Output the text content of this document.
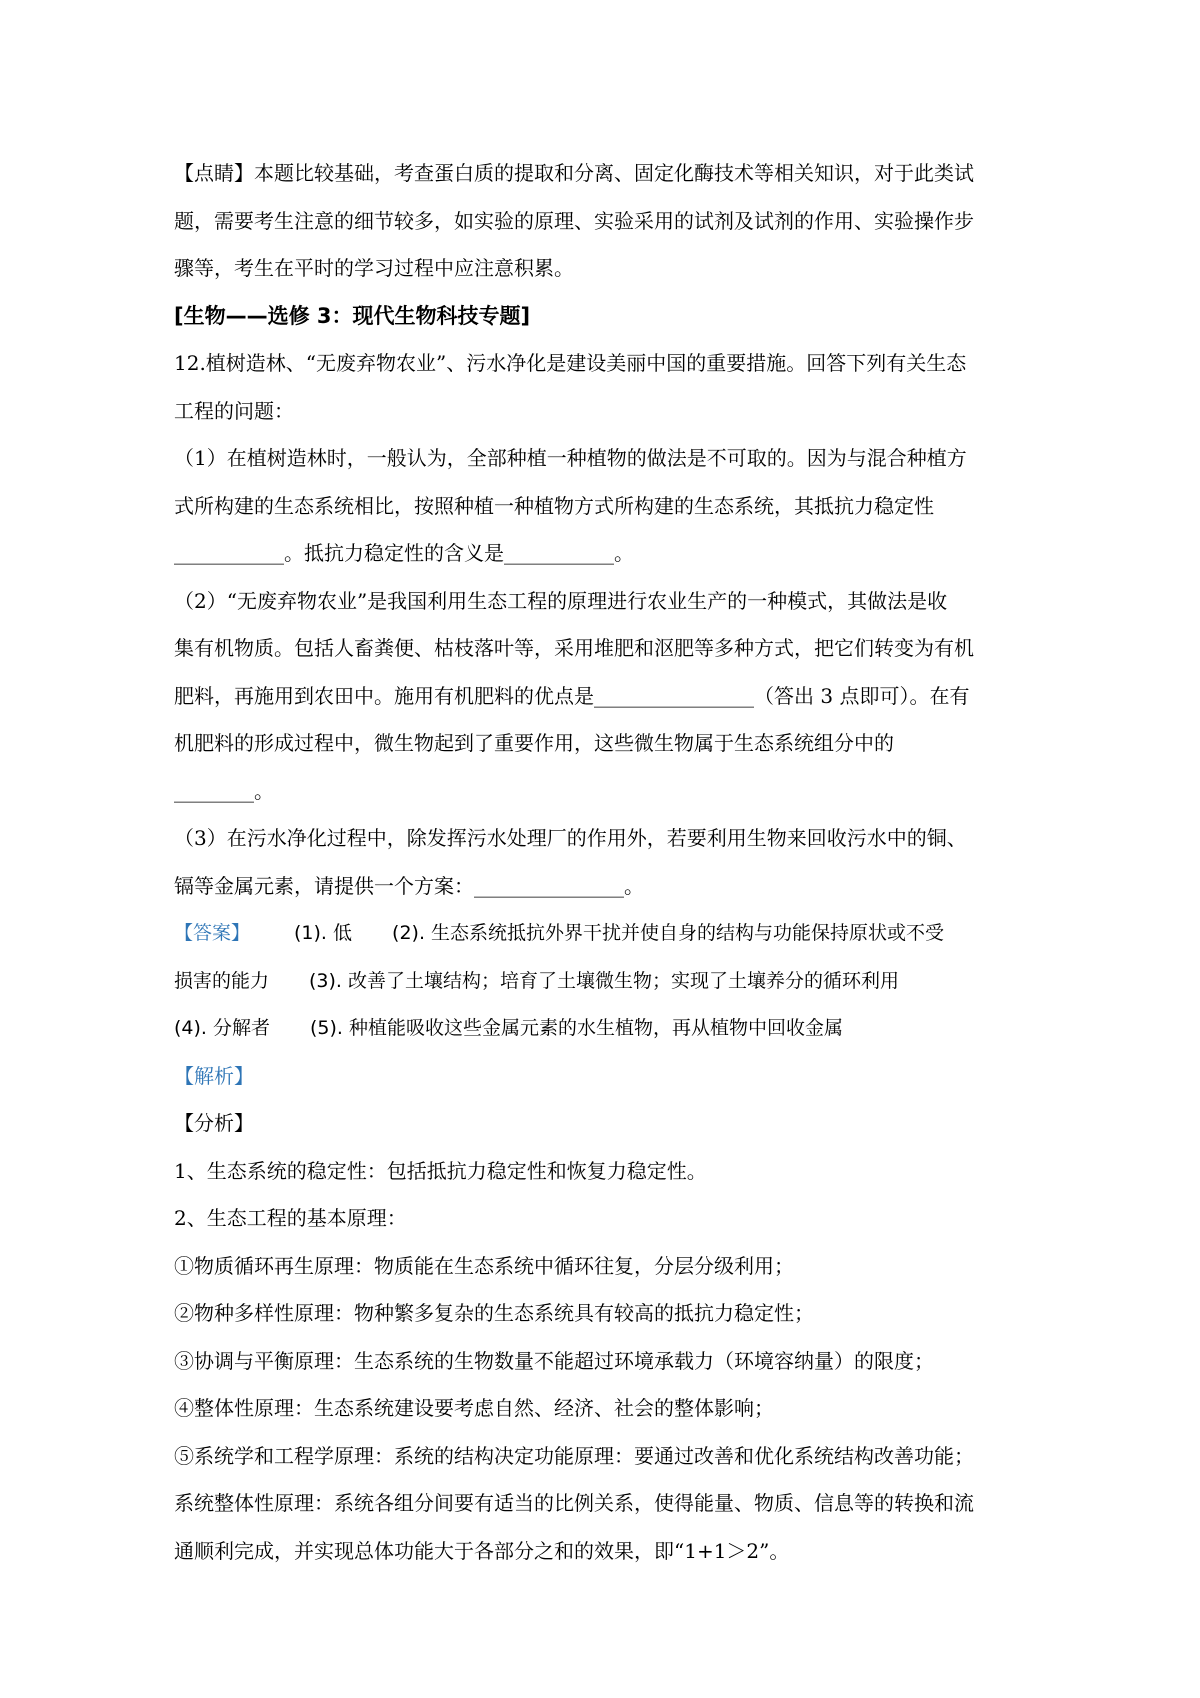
【点睛】本题比较基础，考查蛋白质的提取和分离、固定化酶技术等相关知识，对于此类试

题，需要考生注意的细节较多，如实验的原理、实验采用的试剂及试剂的作用、实验操作步

骤等，考生在平时的学习过程中应注意积累。

[生物——选修 3：现代生物科技专题]

12.植树造林、“无废弃物农业”、污水净化是建设美丽中国的重要措施。回答下列有关生态

工程的问题：

（1）在植树造林时，一般认为，全部种植一种植物的做法是不可取的。因为与混合种植方

式所构建的生态系统相比，按照种植一种植物方式所构建的生态系统，其抵抗力稳定性

___________。抵抗力稳定性的含义是___________。

（2）“无废弃物农业”是我国利用生态工程的原理进行农业生产的一种模式，其做法是收

集有机物质。包括人畜粪便、枯枝落叶等，采用堆肥和沤肥等多种方式，把它们转变为有机

肥料，再施用到农田中。施用有机肥料的优点是________________（答出 3 点即可）。在有

机肥料的形成过程中，微生物起到了重要作用，这些微生物属于生态系统组分中的

________。

（3）在污水净化过程中，除发挥污水处理厂的作用外，若要利用生物来回收污水中的铜、

镉等金属元素，请提供一个方案：_______________。

【答案】 (1). 低 (2). 生态系统抵抗外界干扰并使自身的结构与功能保持原状或不受

损害的能力 (3). 改善了土壤结构；培育了土壤微生物；实现了土壤养分的循环利用

(4). 分解者 (5). 种植能吸收这些金属元素的水生植物，再从植物中回收金属

【解析】

【分析】

1、生态系统的稳定性：包括抵抗力稳定性和恢复力稳定性。

2、生态工程的基本原理：

①物质循环再生原理：物质能在生态系统中循环往复，分层分级利用；

②物种多样性原理：物种繁多复杂的生态系统具有较高的抵抗力稳定性；

③协调与平衡原理：生态系统的生物数量不能超过环境承载力（环境容纳量）的限度；

④整体性原理：生态系统建设要考虑自然、经济、社会的整体影响；

⑤系统学和工程学原理：系统的结构决定功能原理：要通过改善和优化系统结构改善功能；

系统整体性原理：系统各组分间要有适当的比例关系，使得能量、物质、信息等的转换和流

通顺利完成，并实现总体功能大于各部分之和的效果，即“1+1＞2”。
